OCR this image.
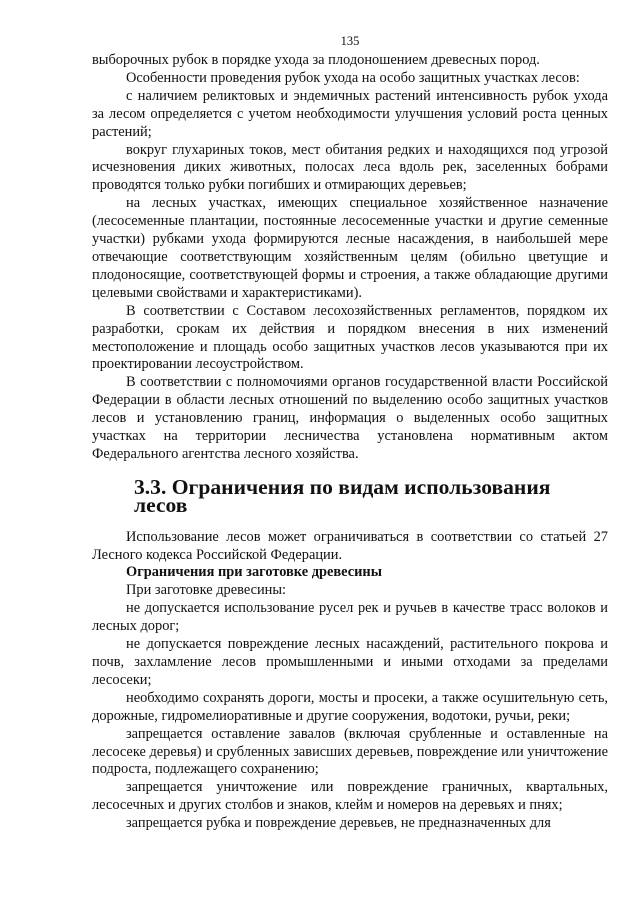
135

выборочных рубок в порядке ухода за плодоношением древесных пород.

Особенности проведения рубок ухода на особо защитных участках лесов:

с наличием реликтовых и эндемичных растений интенсивность рубок ухода за лесом определяется с учетом необходимости улучшения условий роста ценных растений;

вокруг глухариных токов, мест обитания редких и находящихся под угрозой исчезновения диких животных, полосах леса вдоль рек, заселенных бобрами проводятся только рубки погибших и отмирающих деревьев;

на лесных участках, имеющих специальное хозяйственное назначение (лесосеменные плантации, постоянные лесосеменные участки и другие семенные участки) рубками ухода формируются лесные насаждения, в наибольшей мере отвечающие соответствующим хозяйственным целям (обильно цветущие и плодоносящие, соответствующей формы и строения, а также обладающие другими целевыми свойствами и характеристиками).

В соответствии с Составом лесохозяйственных регламентов, порядком их разработки, срокам их действия и порядком внесения в них изменений местоположение и площадь особо защитных участков лесов указываются при их проектировании лесоустройством.

В соответствии с полномочиями органов государственной власти Российской Федерации в области лесных отношений по выделению особо защитных участков лесов и установлению границ, информация о выделенных особо защитных участках на территории лесничества установлена нормативным актом Федерального агентства лесного хозяйства.

3.3. Ограничения по видам использования лесов

Использование лесов может ограничиваться в соответствии со статьей 27 Лесного кодекса Российской Федерации.

Ограничения при заготовке древесины

При заготовке древесины:

не допускается использование русел рек и ручьев в качестве трасс волоков и лесных дорог;

не допускается повреждение лесных насаждений, растительного покрова и почв, захламление лесов промышленными и иными отходами за пределами лесосеки;

необходимо сохранять дороги, мосты и просеки, а также осушительную сеть, дорожные, гидромелиоративные и другие сооружения, водотоки, ручьи, реки;

запрещается оставление завалов (включая срубленные и оставленные на лесосеке деревья) и срубленных зависших деревьев, повреждение или уничтожение подроста, подлежащего сохранению;

запрещается уничтожение или повреждение граничных, квартальных, лесосечных и других столбов и знаков, клейм и номеров на деревьях и пнях;

запрещается рубка и повреждение деревьев, не предназначенных для
